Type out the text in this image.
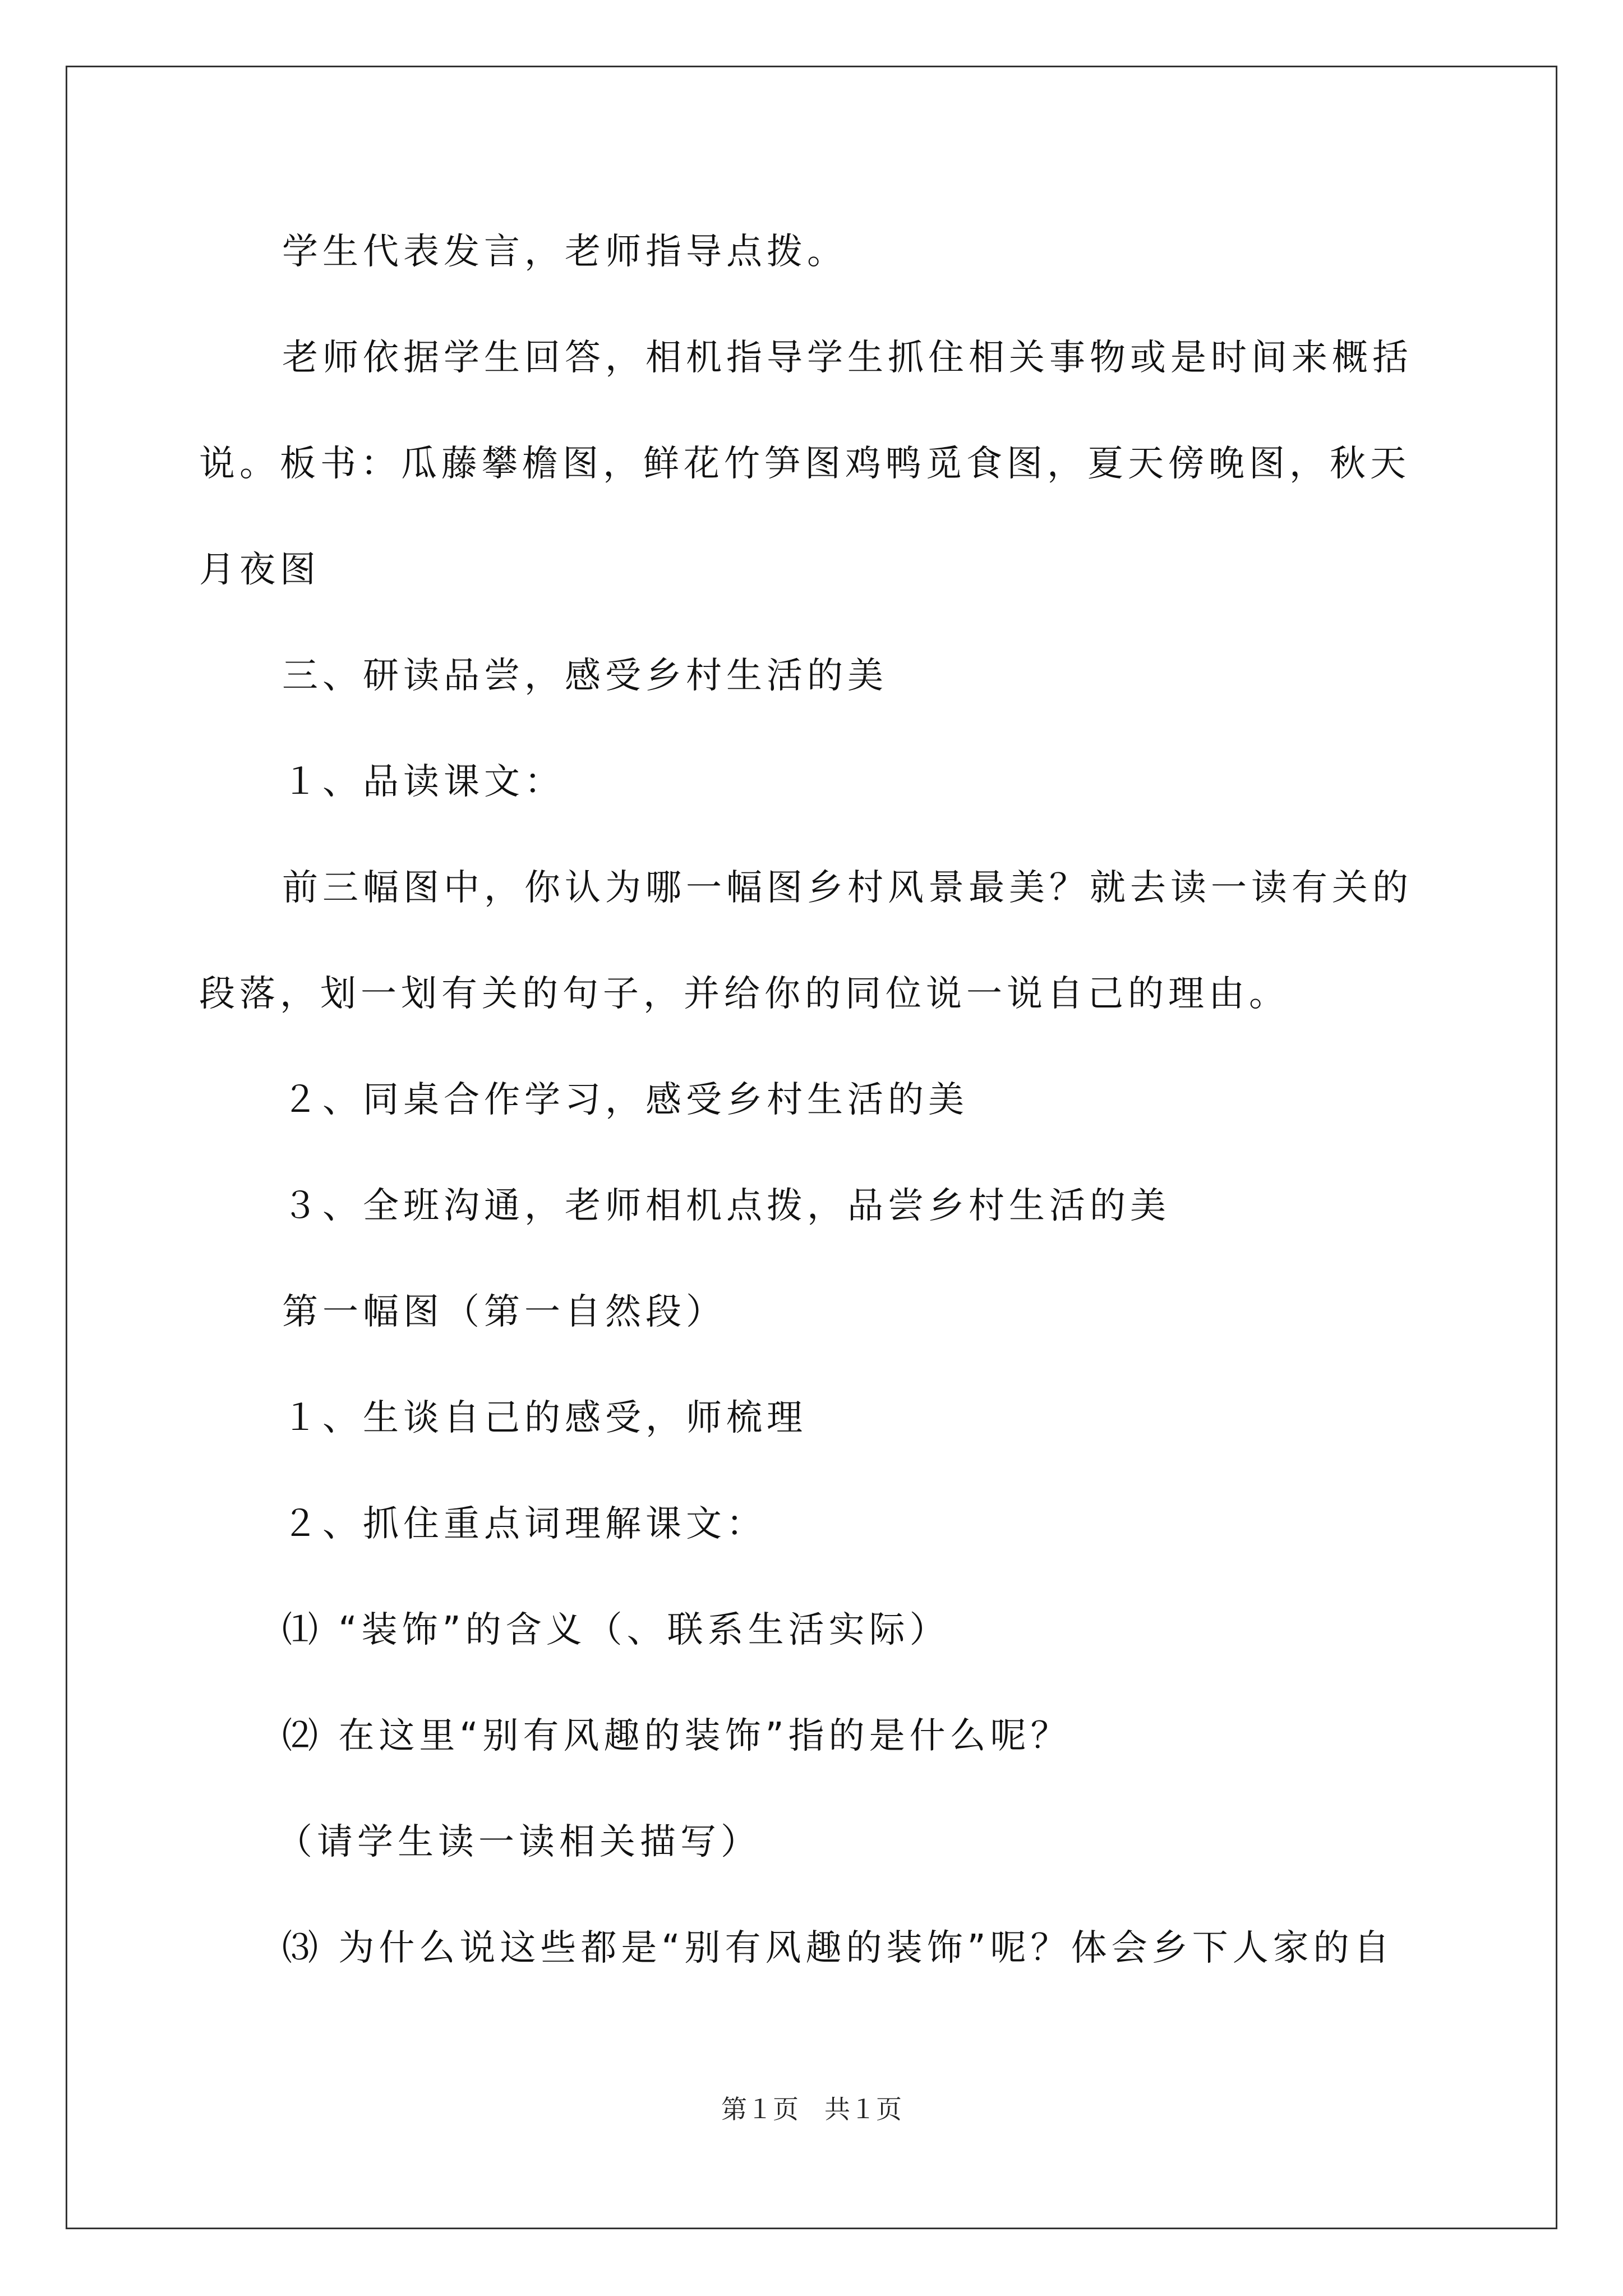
学生代表发言，老师指导点拨。
老师依据学生回答，相机指导学生抓住相关事物或是时间来概括
说。板书：瓜藤攀檐图，鲜花竹笋图鸡鸭觅食图，夏天傍晚图，秋天
月夜图
三、研读品尝，感受乡村生活的美
１、品读课文：
前三幅图中，你认为哪一幅图乡村风景最美？就去读一读有关的
段落，划一划有关的句子，并给你的同位说一说自己的理由。
２、同桌合作学习，感受乡村生活的美
３、全班沟通，老师相机点拨，品尝乡村生活的美
第一幅图（第一自然段）
１、生谈自己的感受，师梳理
２、抓住重点词理解课文：
⑴ “装饰”的含义（、联系生活实际）
⑵ 在这里“别有风趣的装饰”指的是什么呢？
（请学生读一读相关描写）
⑶ 为什么说这些都是“别有风趣的装饰”呢？体会乡下人家的自
第１页　共１页
